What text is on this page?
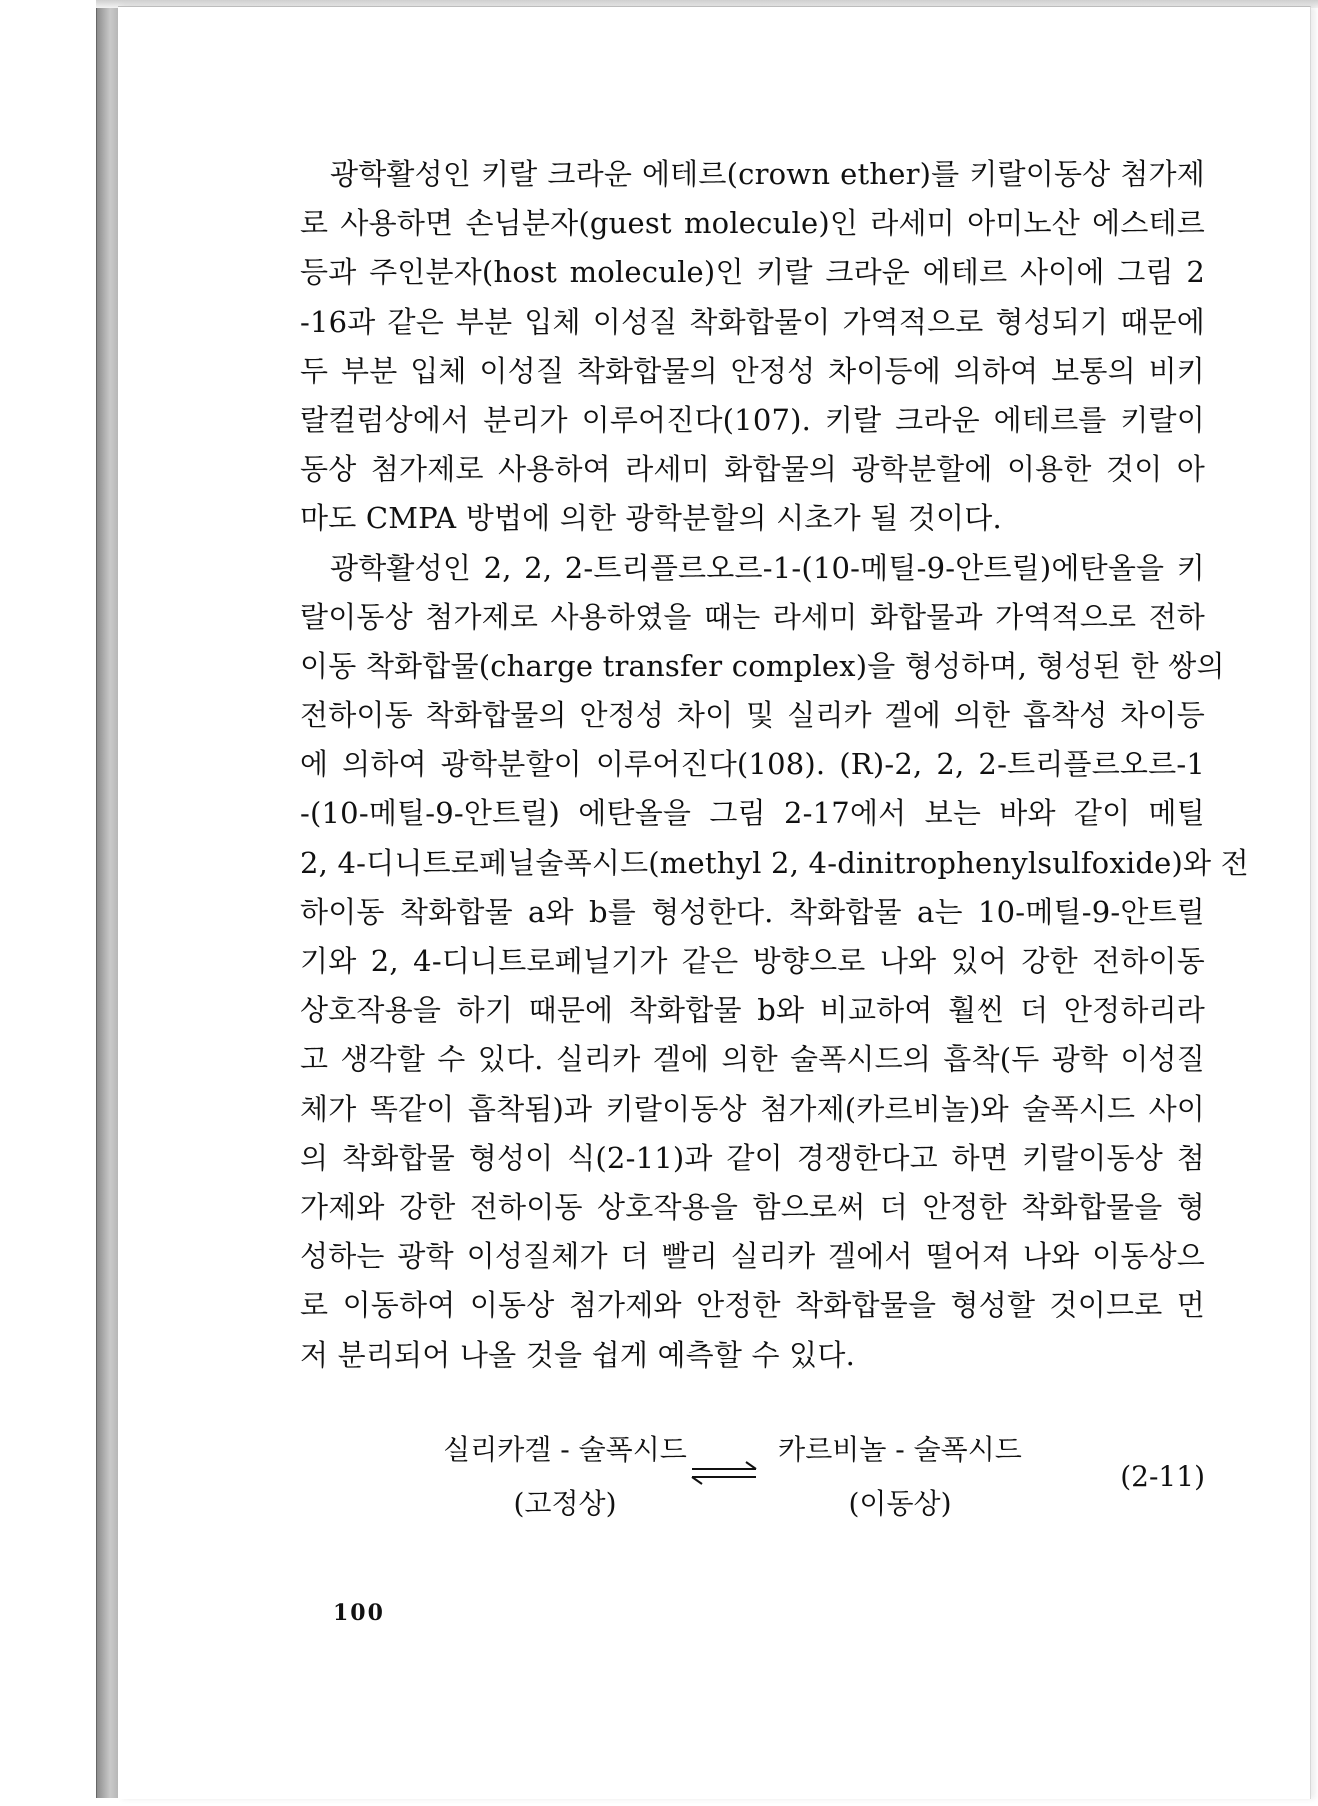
광학활성인 키랄 크라운 에테르(crown ether)를 키랄이동상 첨가제
로 사용하면 손님분자(guest molecule)인 라세미 아미노산 에스테르
등과 주인분자(host molecule)인 키랄 크라운 에테르 사이에 그림 2
-16과 같은 부분 입체 이성질 착화합물이 가역적으로 형성되기 때문에
두 부분 입체 이성질 착화합물의 안정성 차이등에 의하여 보통의 비키
랄컬럼상에서 분리가 이루어진다(107). 키랄 크라운 에테르를 키랄이
동상 첨가제로 사용하여 라세미 화합물의 광학분할에 이용한 것이 아
마도 CMPA 방법에 의한 광학분할의 시초가 될 것이다.
광학활성인 2, 2, 2-트리플르오르-1-(10-메틸-9-안트릴)에탄올을 키
랄이동상 첨가제로 사용하였을 때는 라세미 화합물과 가역적으로 전하
이동 착화합물(charge transfer complex)을 형성하며, 형성된 한 쌍의
전하이동 착화합물의 안정성 차이 및 실리카 겔에 의한 흡착성 차이등
에 의하여 광학분할이 이루어진다(108). (R)-2, 2, 2-트리플르오르-1
-(10-메틸-9-안트릴) 에탄올을 그림 2-17에서 보는 바와 같이 메틸
2, 4-디니트로페닐술폭시드(methyl 2, 4-dinitrophenylsulfoxide)와 전
하이동 착화합물 a와 b를 형성한다. 착화합물 a는 10-메틸-9-안트릴
기와 2, 4-디니트로페닐기가 같은 방향으로 나와 있어 강한 전하이동
상호작용을 하기 때문에 착화합물 b와 비교하여 훨씬 더 안정하리라
고 생각할 수 있다. 실리카 겔에 의한 술폭시드의 흡착(두 광학 이성질
체가 똑같이 흡착됨)과 키랄이동상 첨가제(카르비놀)와 술폭시드 사이
의 착화합물 형성이 식(2-11)과 같이 경쟁한다고 하면 키랄이동상 첨
가제와 강한 전하이동 상호작용을 함으로써 더 안정한 착화합물을 형
성하는 광학 이성질체가 더 빨리 실리카 겔에서 떨어져 나와 이동상으
로 이동하여 이동상 첨가제와 안정한 착화합물을 형성할 것이므로 먼
저 분리되어 나올 것을 쉽게 예측할 수 있다.
실리카겔 - 술폭시드
(고정상)
카르비놀 - 술폭시드
(이동상)
(2-11)
100
